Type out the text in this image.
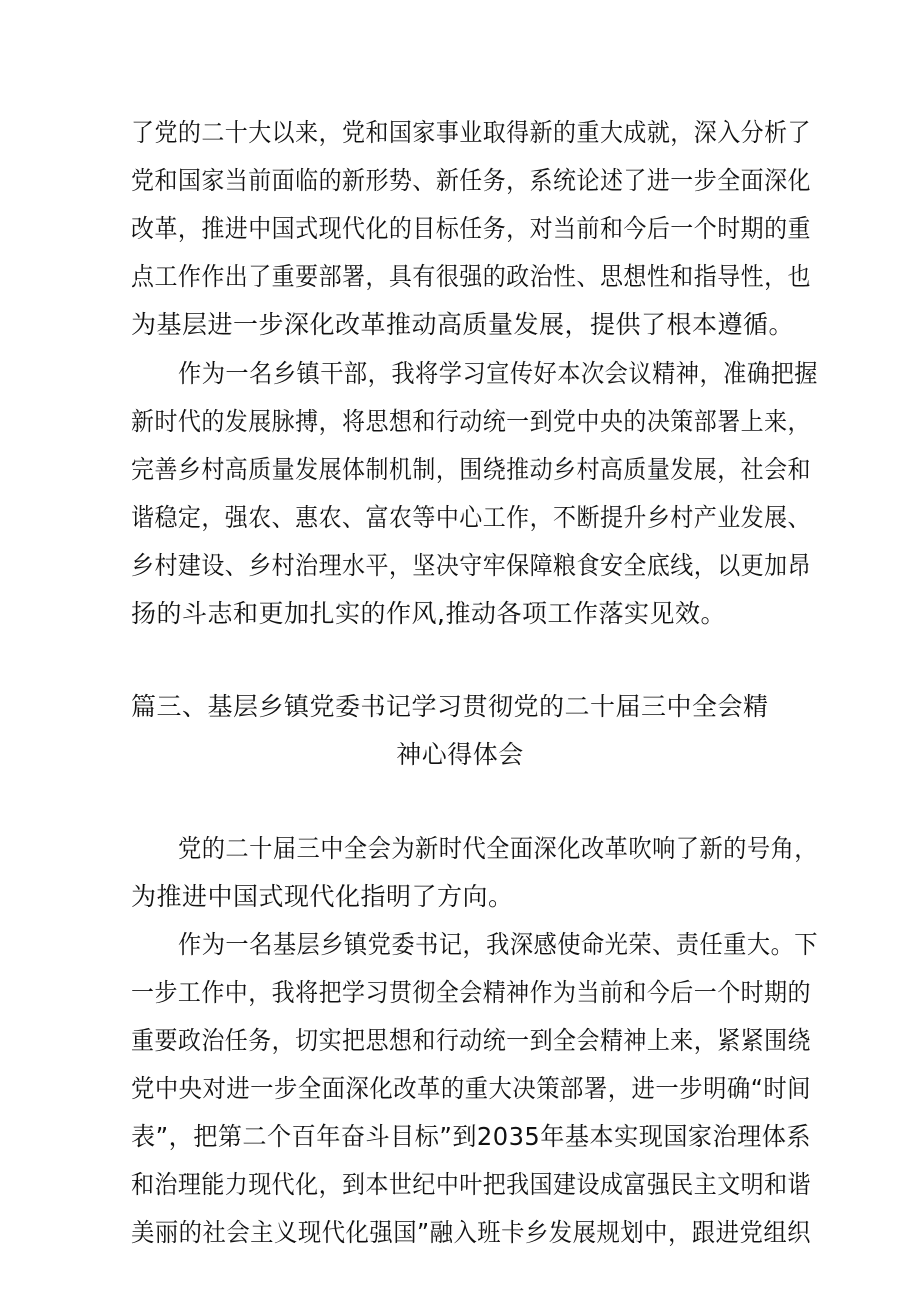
了党的二十大以来，党和国家事业取得新的重大成就，深入分析了
党和国家当前面临的新形势、新任务，系统论述了进一步全面深化
改革，推进中国式现代化的目标任务，对当前和今后一个时期的重
点工作作出了重要部署，具有很强的政治性、思想性和指导性，也
为基层进一步深化改革推动高质量发展，提供了根本遵循。
作为一名乡镇干部，我将学习宣传好本次会议精神，准确把握
新时代的发展脉搏，将思想和行动统一到党中央的决策部署上来，
完善乡村高质量发展体制机制，围绕推动乡村高质量发展，社会和
谐稳定，强农、惠农、富农等中心工作，不断提升乡村产业发展、
乡村建设、乡村治理水平，坚决守牢保障粮食安全底线，以更加昂
扬的斗志和更加扎实的作风,推动各项工作落实见效。
篇三、基层乡镇党委书记学习贯彻党的二十届三中全会精
神心得体会
党的二十届三中全会为新时代全面深化改革吹响了新的号角，
为推进中国式现代化指明了方向。
作为一名基层乡镇党委书记，我深感使命光荣、责任重大。下
一步工作中，我将把学习贯彻全会精神作为当前和今后一个时期的
重要政治任务，切实把思想和行动统一到全会精神上来，紧紧围绕
党中央对进一步全面深化改革的重大决策部署，进一步明确“时间
表”，把第二个百年奋斗目标”到2035年基本实现国家治理体系
和治理能力现代化，到本世纪中叶把我国建设成富强民主文明和谐
美丽的社会主义现代化强国”融入班卡乡发展规划中，跟进党组织
